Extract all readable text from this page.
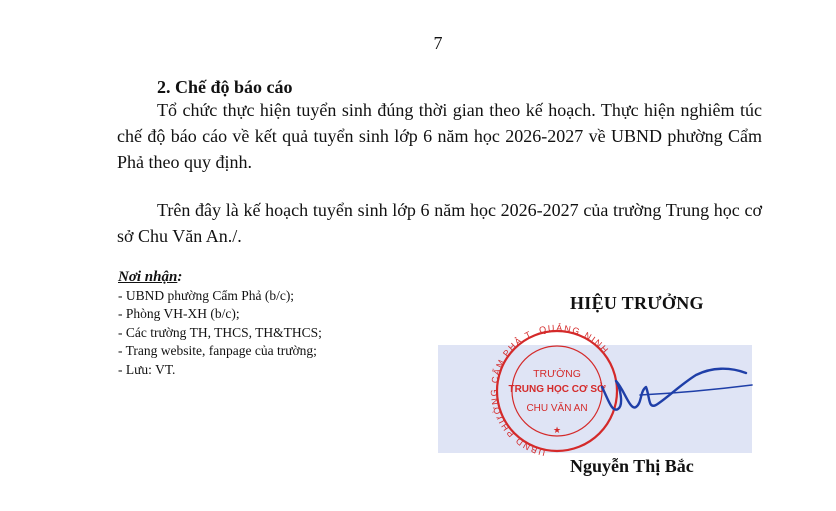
7
2. Chế độ báo cáo

Tổ chức thực hiện tuyển sinh đúng thời gian theo kế hoạch. Thực hiện nghiêm túc chế độ báo cáo về kết quả tuyển sinh lớp 6 năm học 2026-2027 về UBND phường Cẩm Phả theo quy định.

Trên đây là kế hoạch tuyển sinh lớp 6 năm học 2026-2027 của trường Trung học cơ sở Chu Văn An./.

Nơi nhận:
- UBND phường Cẩm Phả (b/c);
- Phòng VH-XH (b/c);
- Các trường TH, THCS, TH&THCS;
- Trang website, fanpage của trường;
- Lưu: VT.
HIỆU TRƯỞNG
UBND PHƯỜNG CẨM PHẢ T. QUẢNG NINH
TRƯỜNG
TRUNG HỌC CƠ SỞ
CHU VĂN AN
★
Nguyễn Thị Bắc
